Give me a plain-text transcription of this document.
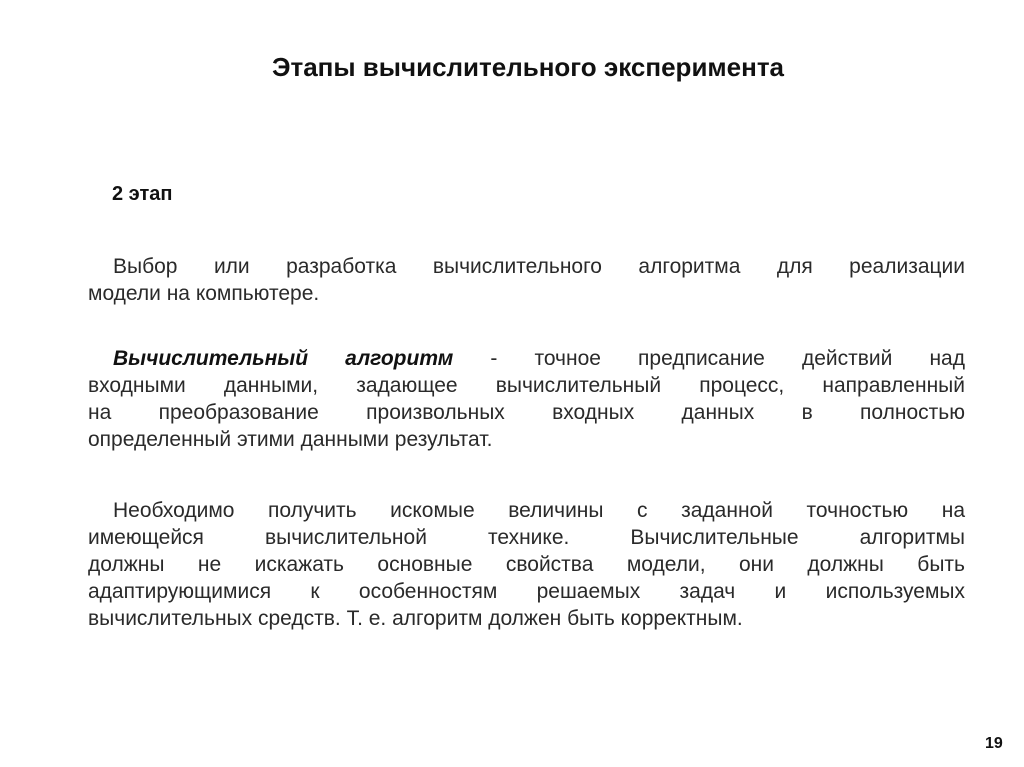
Этапы вычислительного эксперимента
2 этап
Выбор или разработка вычислительного алгоритма для реализации
модели на компьютере.
Вычислительный алгоритм - точное предписание действий над
входными данными, задающее вычислительный процесс, направленный
на преобразование произвольных входных данных в полностью
определенный этими данными результат.
Необходимо получить искомые величины с заданной точностью на
имеющейся вычислительной технике. Вычислительные алгоритмы
должны не искажать основные свойства модели, они должны быть
адаптирующимися к особенностям решаемых задач и используемых
вычислительных средств. Т. е. алгоритм должен быть корректным.
19
